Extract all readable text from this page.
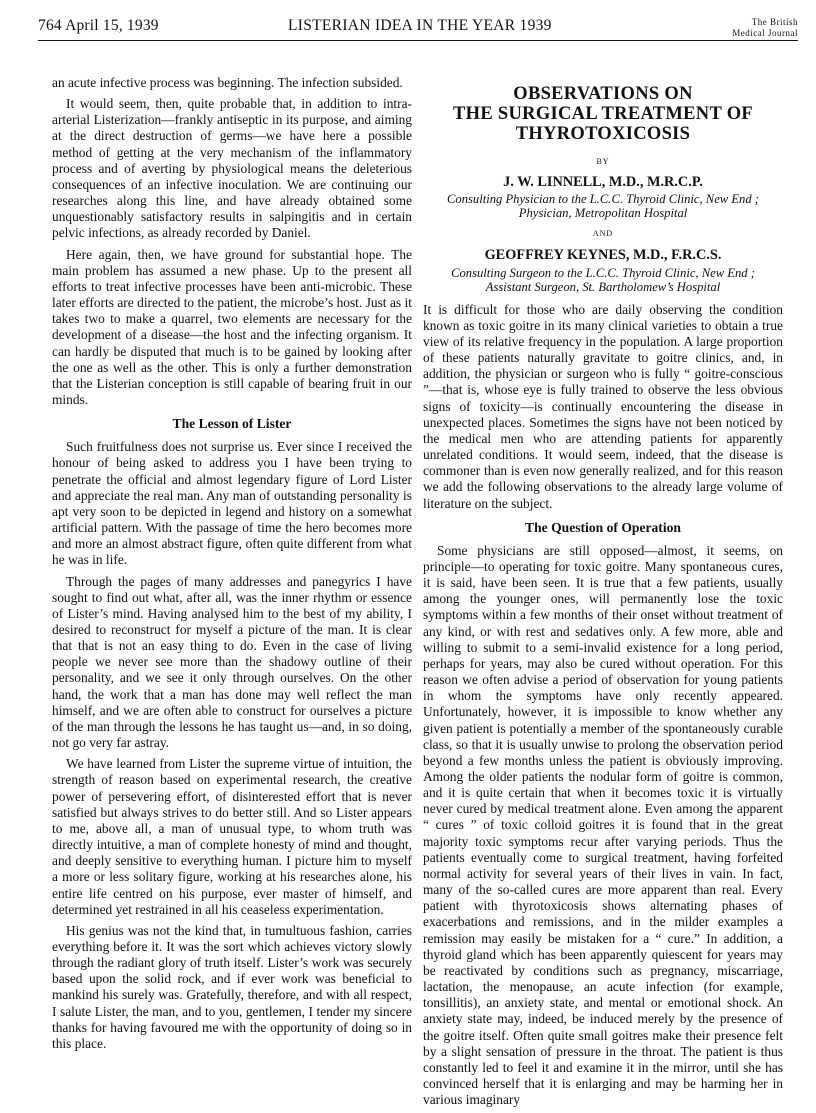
764 April 15, 1939	LISTERIAN IDEA IN THE YEAR 1939	The British
Medical Journal

an acute infective process was beginning. The infection subsided.

It would seem, then, quite probable that, in addition to intra-arterial Listerization—frankly antiseptic in its purpose, and aiming at the direct destruction of germs—we have here a possible method of getting at the very mechanism of the inflammatory process and of averting by physiological means the deleterious consequences of an infective inoculation. We are continuing our researches along this line, and have already obtained some unquestionably satisfactory results in salpingitis and in certain pelvic infections, as already recorded by Daniel.

Here again, then, we have ground for substantial hope. The main problem has assumed a new phase. Up to the present all efforts to treat infective processes have been anti-microbic. These later efforts are directed to the patient, the microbe’s host. Just as it takes two to make a quarrel, two elements are necessary for the development of a disease—the host and the infecting organism. It can hardly be disputed that much is to be gained by looking after the one as well as the other. This is only a further demonstration that the Listerian conception is still capable of bearing fruit in our minds.

The Lesson of Lister

Such fruitfulness does not surprise us. Ever since I received the honour of being asked to address you I have been trying to penetrate the official and almost legendary figure of Lord Lister and appreciate the real man. Any man of outstanding personality is apt very soon to be depicted in legend and history on a somewhat artificial pattern. With the passage of time the hero becomes more and more an almost abstract figure, often quite different from what he was in life.

Through the pages of many addresses and panegyrics I have sought to find out what, after all, was the inner rhythm or essence of Lister’s mind. Having analysed him to the best of my ability, I desired to reconstruct for myself a picture of the man. It is clear that that is not an easy thing to do. Even in the case of living people we never see more than the shadowy outline of their personality, and we see it only through ourselves. On the other hand, the work that a man has done may well reflect the man himself, and we are often able to construct for ourselves a picture of the man through the lessons he has taught us—and, in so doing, not go very far astray.

We have learned from Lister the supreme virtue of intuition, the strength of reason based on experimental research, the creative power of persevering effort, of disinterested effort that is never satisfied but always strives to do better still. And so Lister appears to me, above all, a man of unusual type, to whom truth was directly intuitive, a man of complete honesty of mind and thought, and deeply sensitive to everything human. I picture him to myself a more or less solitary figure, working at his researches alone, his entire life centred on his purpose, ever master of himself, and determined yet restrained in all his ceaseless experimentation.

His genius was not the kind that, in tumultuous fashion, carries everything before it. It was the sort which achieves victory slowly through the radiant glory of truth itself. Lister’s work was securely based upon the solid rock, and if ever work was beneficial to mankind his surely was. Gratefully, therefore, and with all respect, I salute Lister, the man, and to you, gentlemen, I tender my sincere thanks for having favoured me with the opportunity of doing so in this place.

OBSERVATIONS ON
THE SURGICAL TREATMENT OF
THYROTOXICOSIS
BY
J. W. LINNELL, M.D., M.R.C.P.
Consulting Physician to the L.C.C. Thyroid Clinic, New End ;
Physician, Metropolitan Hospital
AND
GEOFFREY KEYNES, M.D., F.R.C.S.
Consulting Surgeon to the L.C.C. Thyroid Clinic, New End ;
Assistant Surgeon, St. Bartholomew’s Hospital

It is difficult for those who are daily observing the condition known as toxic goitre in its many clinical varieties to obtain a true view of its relative frequency in the population. A large proportion of these patients naturally gravitate to goitre clinics, and, in addition, the physician or surgeon who is fully “ goitre-conscious ”—that is, whose eye is fully trained to observe the less obvious signs of toxicity—is continually encountering the disease in unexpected places. Sometimes the signs have not been noticed by the medical men who are attending patients for apparently unrelated conditions. It would seem, indeed, that the disease is commoner than is even now generally realized, and for this reason we add the following observations to the already large volume of literature on the subject.

The Question of Operation

Some physicians are still opposed—almost, it seems, on principle—to operating for toxic goitre. Many spontaneous cures, it is said, have been seen. It is true that a few patients, usually among the younger ones, will permanently lose the toxic symptoms within a few months of their onset without treatment of any kind, or with rest and sedatives only. A few more, able and willing to submit to a semi-invalid existence for a long period, perhaps for years, may also be cured without operation. For this reason we often advise a period of observation for young patients in whom the symptoms have only recently appeared. Unfortunately, however, it is impossible to know whether any given patient is potentially a member of the spontaneously curable class, so that it is usually unwise to prolong the observation period beyond a few months unless the patient is obviously improving. Among the older patients the nodular form of goitre is common, and it is quite certain that when it becomes toxic it is virtually never cured by medical treatment alone. Even among the apparent “ cures ” of toxic colloid goitres it is found that in the great majority toxic symptoms recur after varying periods. Thus the patients eventually come to surgical treatment, having forfeited normal activity for several years of their lives in vain. In fact, many of the so-called cures are more apparent than real. Every patient with thyrotoxicosis shows alternating phases of exacerbations and remissions, and in the milder examples a remission may easily be mistaken for a “ cure.” In addition, a thyroid gland which has been apparently quiescent for years may be reactivated by conditions such as pregnancy, miscarriage, lactation, the menopause, an acute infection (for example, tonsillitis), an anxiety state, and mental or emotional shock. An anxiety state may, indeed, be induced merely by the presence of the goitre itself. Often quite small goitres make their presence felt by a slight sensation of pressure in the throat. The patient is thus constantly led to feel it and examine it in the mirror, until she has convinced herself that it is enlarging and may be harming her in various imaginary
